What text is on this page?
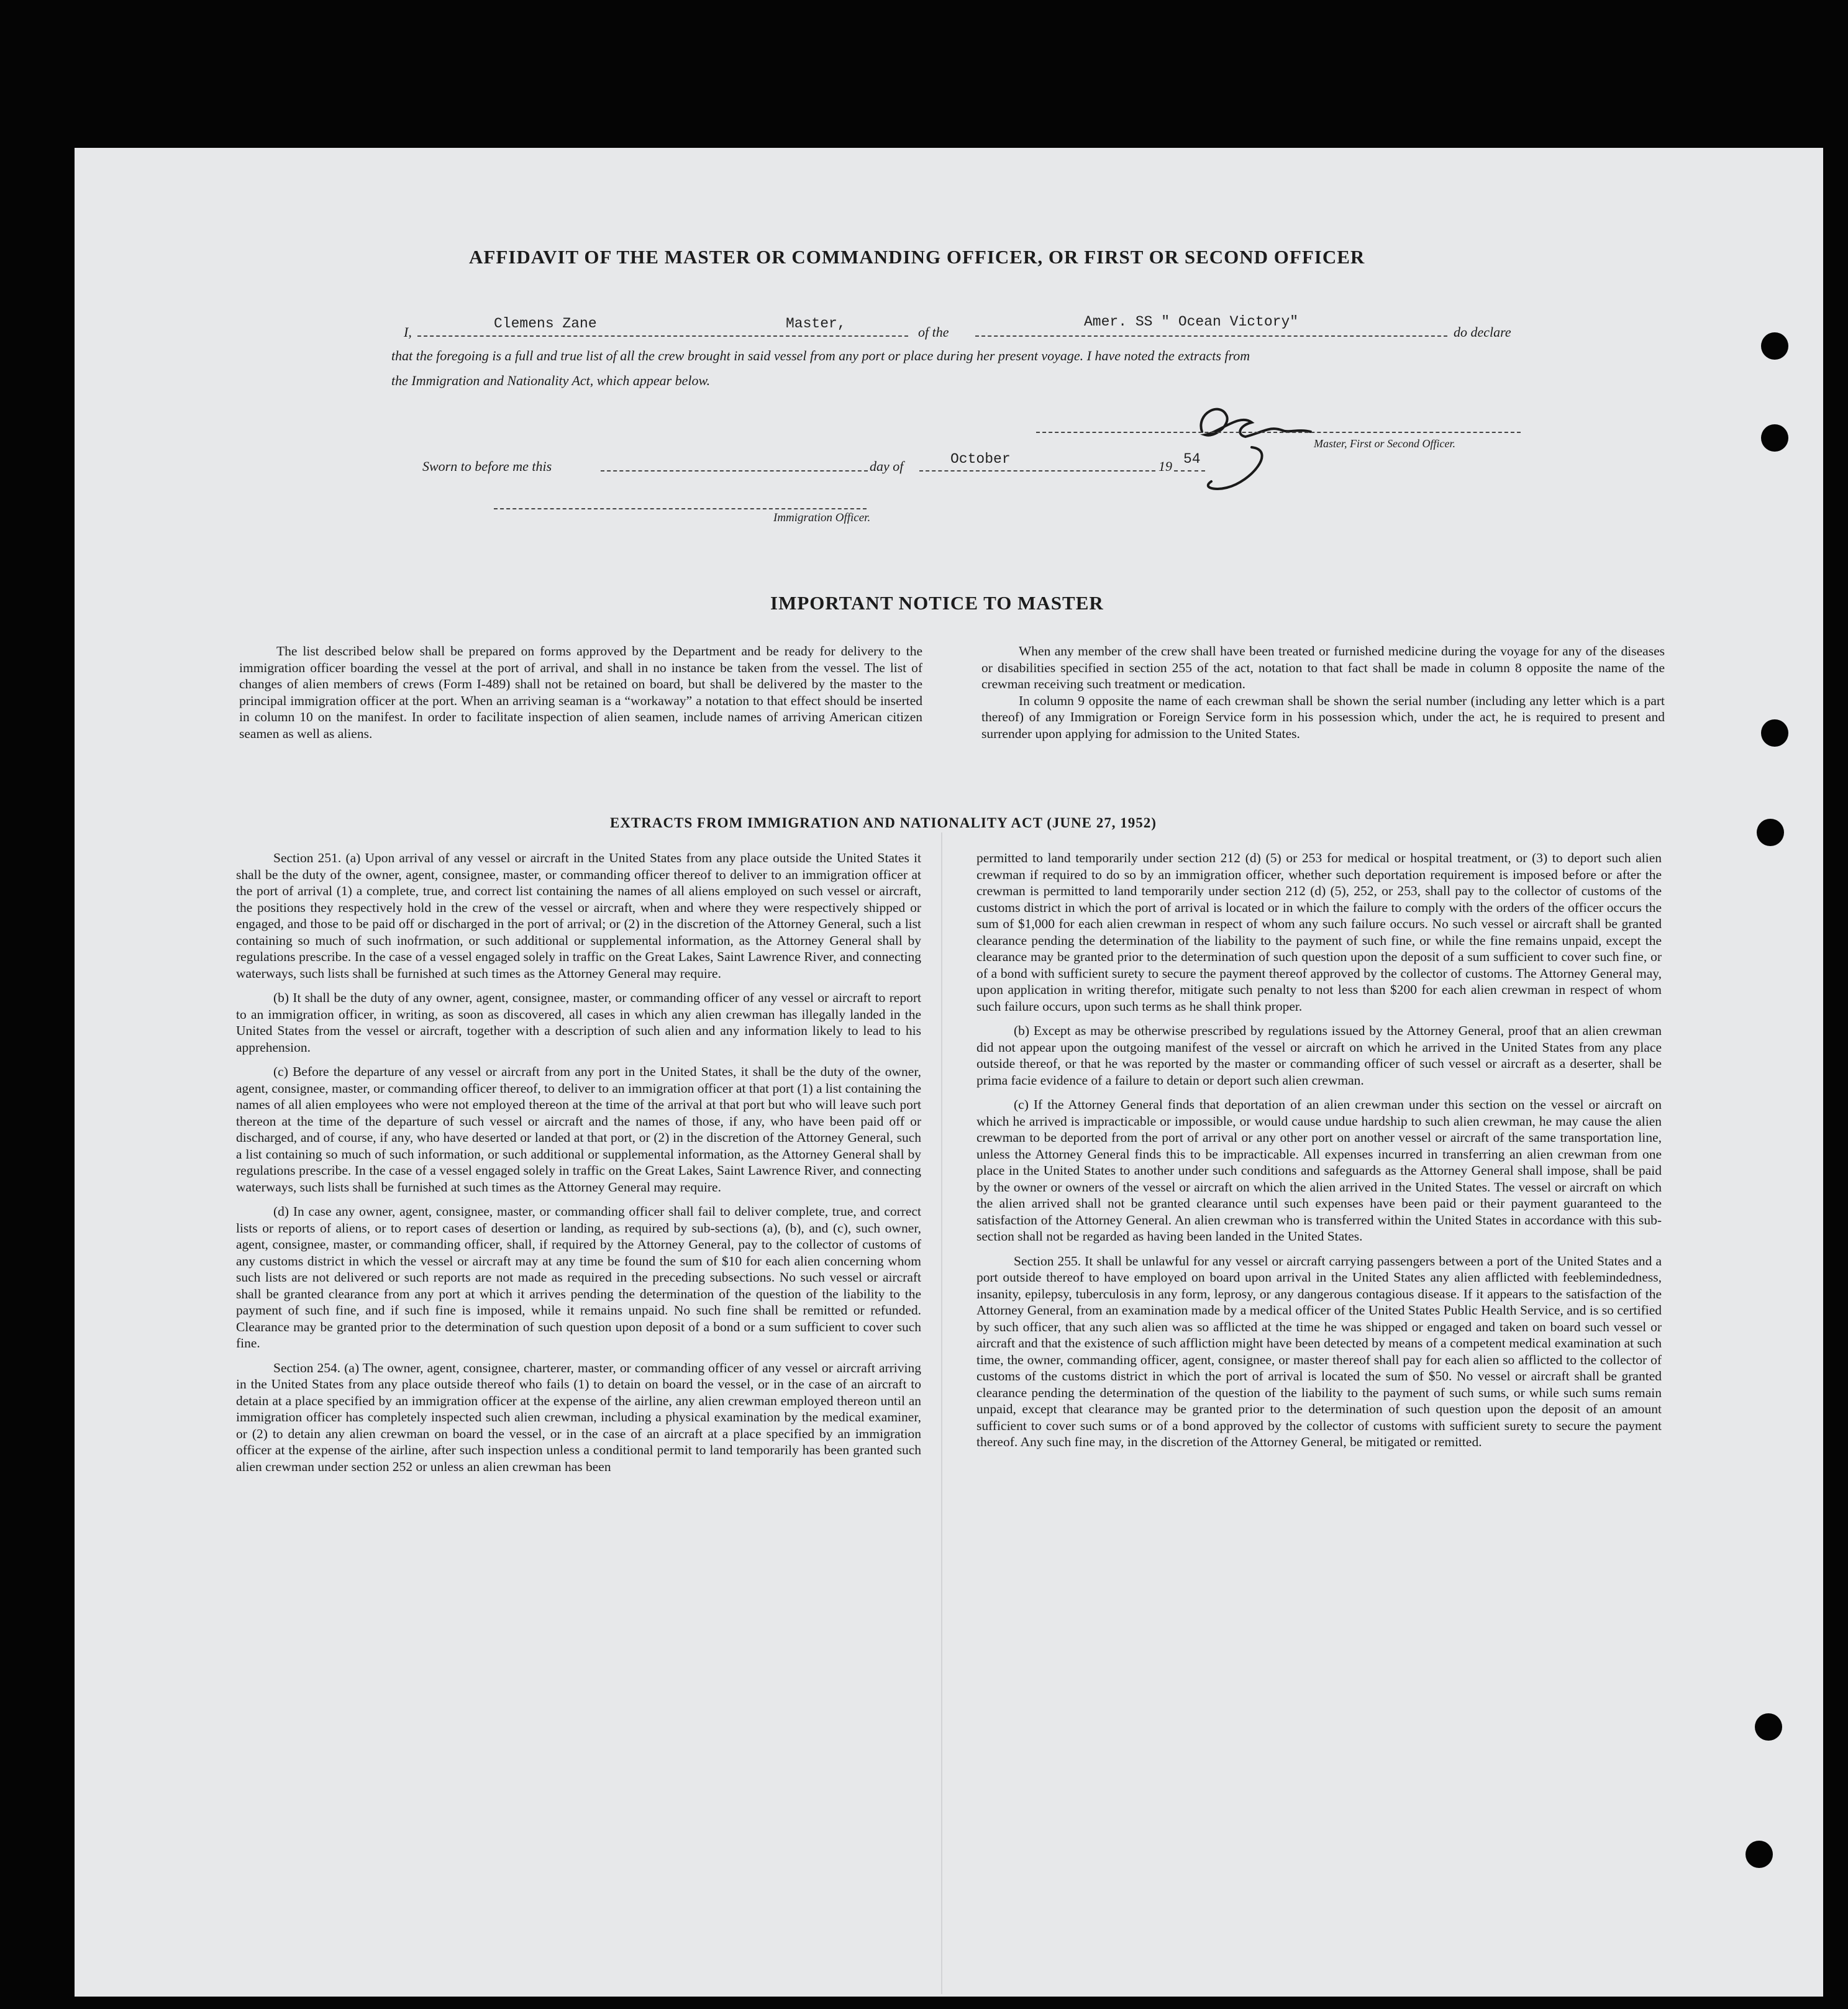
AFFIDAVIT OF THE MASTER OR COMMANDING OFFICER, OR FIRST OR SECOND OFFICER
I,
Clemens Zane	Master,
of the
Amer. SS " Ocean Victory"
do declare
that the foregoing is a full and true list of all the crew brought in said vessel from any port or place during her present voyage. I have noted the extracts from
the Immigration and Nationality Act, which appear below.
Master, First or Second Officer.
Sworn to before me this	day of	October	19 54
Immigration Officer.
IMPORTANT NOTICE TO MASTER

The list described below shall be prepared on forms approved by the Department and be ready for delivery to the immigration officer boarding the vessel at the port of arrival, and shall in no instance be taken from the vessel. The list of changes of alien members of crews (Form I-489) shall not be retained on board, but shall be delivered by the master to the principal immigration officer at the port. When an arriving seaman is a “workaway” a notation to that effect should be inserted in column 10 on the manifest. In order to facilitate inspection of alien seamen, include names of arriving American citizen seamen as well as aliens.

When any member of the crew shall have been treated or furnished medicine during the voyage for any of the diseases or disabilities specified in section 255 of the act, notation to that fact shall be made in column 8 opposite the name of the crewman receiving such treatment or medication.

In column 9 opposite the name of each crewman shall be shown the serial number (including any letter which is a part thereof) of any Immigration or Foreign Service form in his possession which, under the act, he is required to present and surrender upon applying for admission to the United States.

EXTRACTS FROM IMMIGRATION AND NATIONALITY ACT (JUNE 27, 1952)

Section 251. (a) Upon arrival of any vessel or aircraft in the United States from any place outside the United States it shall be the duty of the owner, agent, consignee, master, or commanding officer thereof to deliver to an immigration officer at the port of arrival (1) a complete, true, and correct list containing the names of all aliens employed on such vessel or aircraft, the positions they respectively hold in the crew of the vessel or aircraft, when and where they were respectively shipped or engaged, and those to be paid off or discharged in the port of arrival; or (2) in the discretion of the Attorney General, such a list containing so much of such inofrmation, or such additional or supplemental information, as the Attorney General shall by regulations prescribe. In the case of a vessel engaged solely in traffic on the Great Lakes, Saint Lawrence River, and connecting waterways, such lists shall be furnished at such times as the Attorney General may require.

(b) It shall be the duty of any owner, agent, consignee, master, or commanding officer of any vessel or aircraft to report to an immigration officer, in writing, as soon as discovered, all cases in which any alien crewman has illegally landed in the United States from the vessel or aircraft, together with a description of such alien and any information likely to lead to his apprehension.

(c) Before the departure of any vessel or aircraft from any port in the United States, it shall be the duty of the owner, agent, consignee, master, or commanding officer thereof, to deliver to an immigration officer at that port (1) a list containing the names of all alien employees who were not employed thereon at the time of the arrival at that port but who will leave such port thereon at the time of the departure of such vessel or aircraft and the names of those, if any, who have been paid off or discharged, and of course, if any, who have deserted or landed at that port, or (2) in the discretion of the Attorney General, such a list containing so much of such information, or such additional or supplemental information, as the Attorney General shall by regulations prescribe. In the case of a vessel engaged solely in traffic on the Great Lakes, Saint Lawrence River, and connecting waterways, such lists shall be furnished at such times as the Attorney General may require.

(d) In case any owner, agent, consignee, master, or commanding officer shall fail to deliver complete, true, and correct lists or reports of aliens, or to report cases of desertion or landing, as required by sub-sections (a), (b), and (c), such owner, agent, consignee, master, or commanding officer, shall, if required by the Attorney General, pay to the collector of customs of any customs district in which the vessel or aircraft may at any time be found the sum of $10 for each alien concerning whom such lists are not delivered or such reports are not made as required in the preceding subsections. No such vessel or aircraft shall be granted clearance from any port at which it arrives pending the determination of the question of the liability to the payment of such fine, and if such fine is imposed, while it remains unpaid. No such fine shall be remitted or refunded. Clearance may be granted prior to the determination of such question upon deposit of a bond or a sum sufficient to cover such fine.

Section 254. (a) The owner, agent, consignee, charterer, master, or commanding officer of any vessel or aircraft arriving in the United States from any place outside thereof who fails (1) to detain on board the vessel, or in the case of an aircraft to detain at a place specified by an immigration officer at the expense of the airline, any alien crewman employed thereon until an immigration officer has completely inspected such alien crewman, including a physical examination by the medical examiner, or (2) to detain any alien crewman on board the vessel, or in the case of an aircraft at a place specified by an immigration officer at the expense of the airline, after such inspection unless a conditional permit to land temporarily has been granted such alien crewman under section 252 or unless an alien crewman has been

permitted to land temporarily under section 212 (d) (5) or 253 for medical or hospital treatment, or (3) to deport such alien crewman if required to do so by an immigration officer, whether such deportation requirement is imposed before or after the crewman is permitted to land temporarily under section 212 (d) (5), 252, or 253, shall pay to the collector of customs of the customs district in which the port of arrival is located or in which the failure to comply with the orders of the officer occurs the sum of $1,000 for each alien crewman in respect of whom any such failure occurs. No such vessel or aircraft shall be granted clearance pending the determination of the liability to the payment of such fine, or while the fine remains unpaid, except the clearance may be granted prior to the determination of such question upon the deposit of a sum sufficient to cover such fine, or of a bond with sufficient surety to secure the payment thereof approved by the collector of customs. The Attorney General may, upon application in writing therefor, mitigate such penalty to not less than $200 for each alien crewman in respect of whom such failure occurs, upon such terms as he shall think proper.

(b) Except as may be otherwise prescribed by regulations issued by the Attorney General, proof that an alien crewman did not appear upon the outgoing manifest of the vessel or aircraft on which he arrived in the United States from any place outside thereof, or that he was reported by the master or commanding officer of such vessel or aircraft as a deserter, shall be prima facie evidence of a failure to detain or deport such alien crewman.

(c) If the Attorney General finds that deportation of an alien crewman under this section on the vessel or aircraft on which he arrived is impracticable or impossible, or would cause undue hardship to such alien crewman, he may cause the alien crewman to be deported from the port of arrival or any other port on another vessel or aircraft of the same transportation line, unless the Attorney General finds this to be impracticable. All expenses incurred in transferring an alien crewman from one place in the United States to another under such conditions and safeguards as the Attorney General shall impose, shall be paid by the owner or owners of the vessel or aircraft on which the alien arrived in the United States. The vessel or aircraft on which the alien arrived shall not be granted clearance until such expenses have been paid or their payment guaranteed to the satisfaction of the Attorney General. An alien crewman who is transferred within the United States in accordance with this sub-section shall not be regarded as having been landed in the United States.

Section 255. It shall be unlawful for any vessel or aircraft carrying passengers between a port of the United States and a port outside thereof to have employed on board upon arrival in the United States any alien afflicted with feeblemindedness, insanity, epilepsy, tuberculosis in any form, leprosy, or any dangerous contagious disease. If it appears to the satisfaction of the Attorney General, from an examination made by a medical officer of the United States Public Health Service, and is so certified by such officer, that any such alien was so afflicted at the time he was shipped or engaged and taken on board such vessel or aircraft and that the existence of such affliction might have been detected by means of a competent medical examination at such time, the owner, commanding officer, agent, consignee, or master thereof shall pay for each alien so afflicted to the collector of customs of the customs district in which the port of arrival is located the sum of $50. No vessel or aircraft shall be granted clearance pending the determination of the question of the liability to the payment of such sums, or while such sums remain unpaid, except that clearance may be granted prior to the determination of such question upon the deposit of an amount sufficient to cover such sums or of a bond approved by the collector of customs with sufficient surety to secure the payment thereof. Any such fine may, in the discretion of the Attorney General, be mitigated or remitted.
